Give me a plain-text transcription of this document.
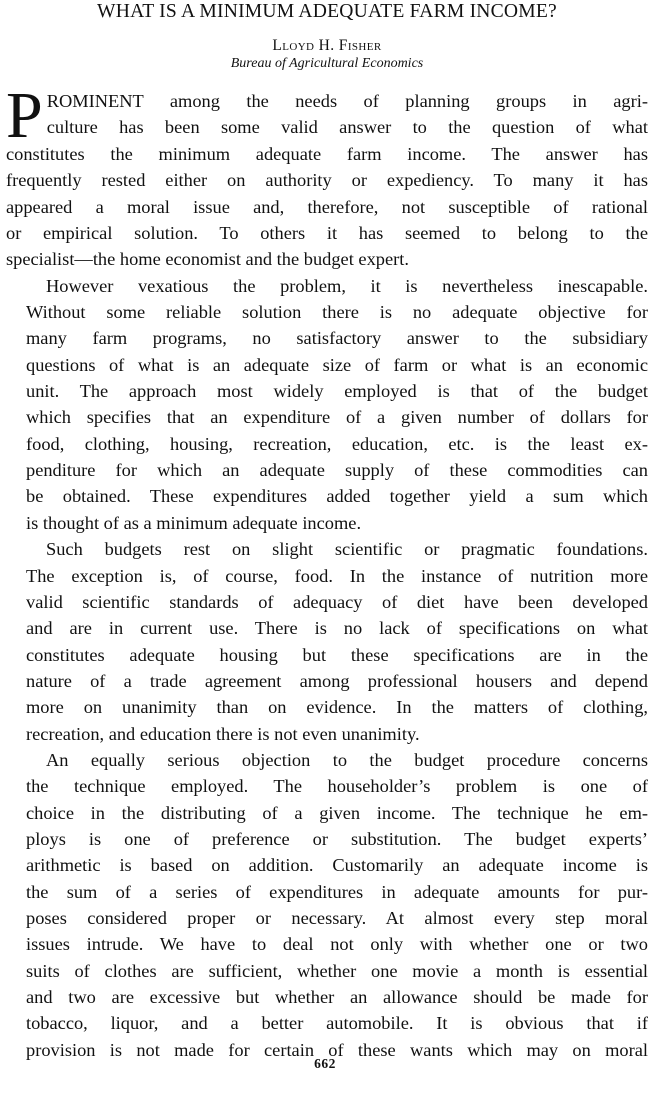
WHAT IS A MINIMUM ADEQUATE FARM INCOME?
Lloyd H. Fisher
Bureau of Agricultural Economics
P ROMINENT among the needs of planning groups in agri-
culture has been some valid answer to the question of what
constitutes the minimum adequate farm income. The answer has
frequently rested either on authority or expediency. To many it has
appeared a moral issue and, therefore, not susceptible of rational
or empirical solution. To others it has seemed to belong to the
specialist—the home economist and the budget expert.
However vexatious the problem, it is nevertheless inescapable.
Without some reliable solution there is no adequate objective for
many farm programs, no satisfactory answer to the subsidiary
questions of what is an adequate size of farm or what is an economic
unit. The approach most widely employed is that of the budget
which specifies that an expenditure of a given number of dollars for
food, clothing, housing, recreation, education, etc. is the least ex-
penditure for which an adequate supply of these commodities can
be obtained. These expenditures added together yield a sum which
is thought of as a minimum adequate income.
Such budgets rest on slight scientific or pragmatic foundations.
The exception is, of course, food. In the instance of nutrition more
valid scientific standards of adequacy of diet have been developed
and are in current use. There is no lack of specifications on what
constitutes adequate housing but these specifications are in the
nature of a trade agreement among professional housers and depend
more on unanimity than on evidence. In the matters of clothing,
recreation, and education there is not even unanimity.
An equally serious objection to the budget procedure concerns
the technique employed. The householder’s problem is one of
choice in the distributing of a given income. The technique he em-
ploys is one of preference or substitution. The budget experts’
arithmetic is based on addition. Customarily an adequate income is
the sum of a series of expenditures in adequate amounts for pur-
poses considered proper or necessary. At almost every step moral
issues intrude. We have to deal not only with whether one or two
suits of clothes are sufficient, whether one movie a month is essential
and two are excessive but whether an allowance should be made for
tobacco, liquor, and a better automobile. It is obvious that if
provision is not made for certain of these wants which may on moral
662
